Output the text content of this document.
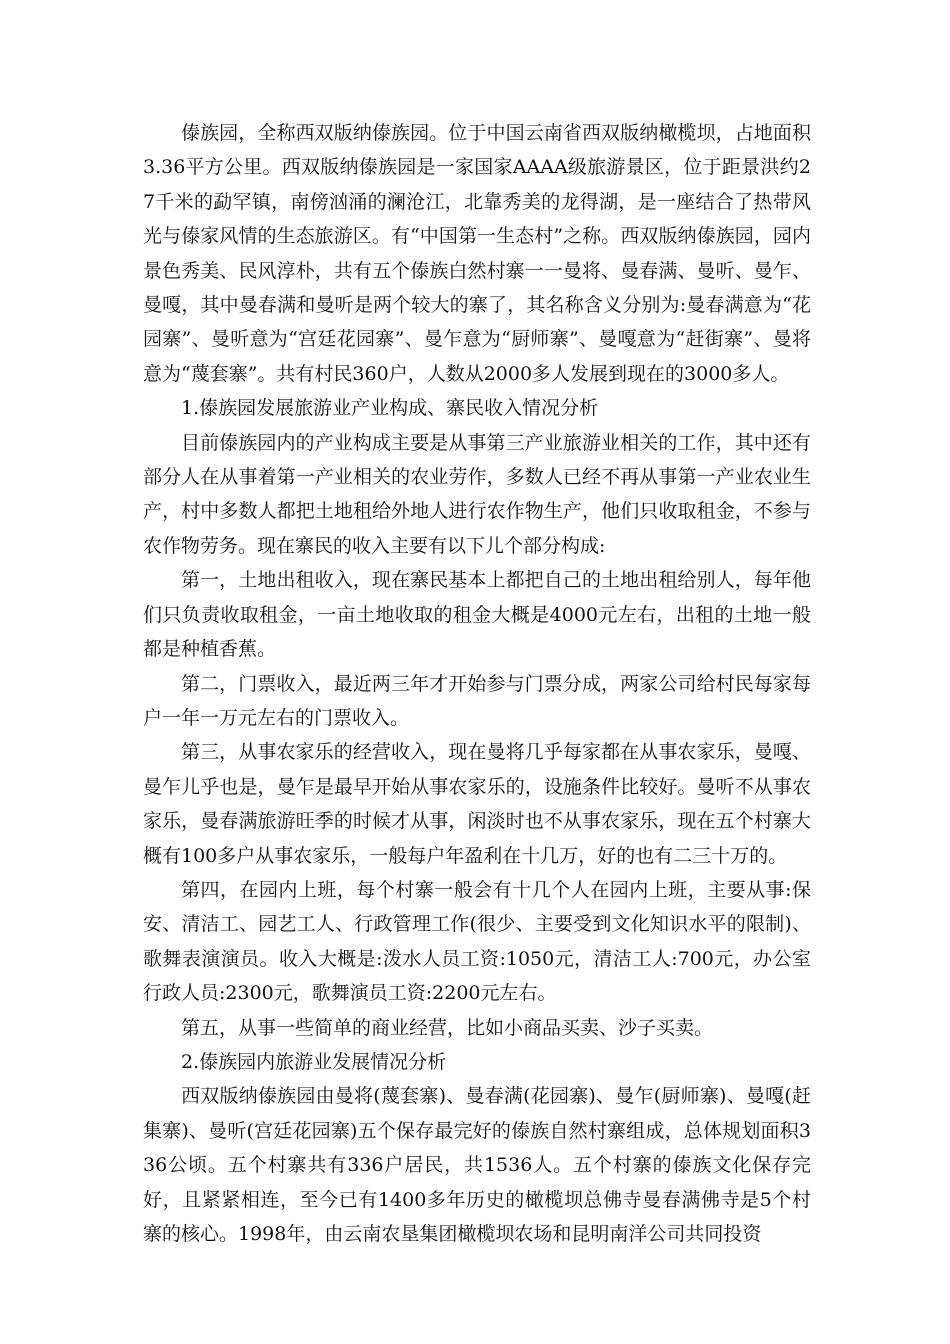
傣族园，全称西双版纳傣族园。位于中国云南省西双版纳橄榄坝，占地面积3.36平方公里。西双版纳傣族园是一家国家AAAA级旅游景区，位于距景洪约27千米的勐罕镇，南傍汹涌的澜沧江，北靠秀美的龙得湖，是一座结合了热带风光与傣家风情的生态旅游区。有“中国第一生态村”之称。西双版纳傣族园，园内景色秀美、民风淳朴，共有五个傣族白然村寨一一曼将、曼春满、曼听、曼乍、曼嘎，其中曼春满和曼听是两个较大的寨了，其名称含义分别为:曼春满意为“花园寨”、曼听意为“宫廷花园寨”、曼乍意为“厨师寨”、曼嘎意为“赶街寨”、曼将意为“蔑套寨”。共有村民360户，人数从2000多人发展到现在的3000多人。

1.傣族园发展旅游业产业构成、寨民收入情况分析

目前傣族园内的产业构成主要是从事第三产业旅游业相关的工作，其中还有部分人在从事着第一产业相关的农业劳作，多数人已经不再从事第一产业农业生产，村中多数人都把土地租给外地人进行农作物生产，他们只收取租金，不参与农作物劳务。现在寨民的收入主要有以下儿个部分构成:

第一，土地出租收入，现在寨民基本上都把自己的土地出租给别人，每年他们只负责收取租金，一亩土地收取的租金大概是4000元左右，出租的土地一般都是种植香蕉。

第二，门票收入，最近两三年才开始参与门票分成，两家公司给村民每家每户一年一万元左右的门票收入。

第三，从事农家乐的经营收入，现在曼将几乎每家都在从事农家乐，曼嘎、曼乍儿乎也是，曼乍是最早开始从事农家乐的，设施条件比较好。曼听不从事农家乐，曼春满旅游旺季的时候才从事，闲淡时也不从事农家乐，现在五个村寨大概有100多户从事农家乐，一般每户年盈利在十几万，好的也有二三十万的。

第四，在园内上班，每个村寨一般会有十几个人在园内上班，主要从事:保安、清洁工、园艺工人、行政管理工作(很少、主要受到文化知识水平的限制)、歌舞表演演员。收入大概是:泼水人员工资:1050元，清洁工人:700元，办公室行政人员:2300元，歌舞演员工资:2200元左右。

第五，从事一些简单的商业经营，比如小商品买卖、沙子买卖。

2.傣族园内旅游业发展情况分析

西双版纳傣族园由曼将(蔑套寨)、曼春满(花园寨)、曼乍(厨师寨)、曼嘎(赶集寨)、曼听(宫廷花园寨)五个保存最完好的傣族自然村寨组成，总体规划面积336公顷。五个村寨共有336户居民，共1536人。五个村寨的傣族文化保存完好，且紧紧相连，至今已有1400多年历史的橄榄坝总佛寺曼春满佛寺是5个村寨的核心。1998年，由云南农垦集团橄榄坝农场和昆明南洋公司共同投资
